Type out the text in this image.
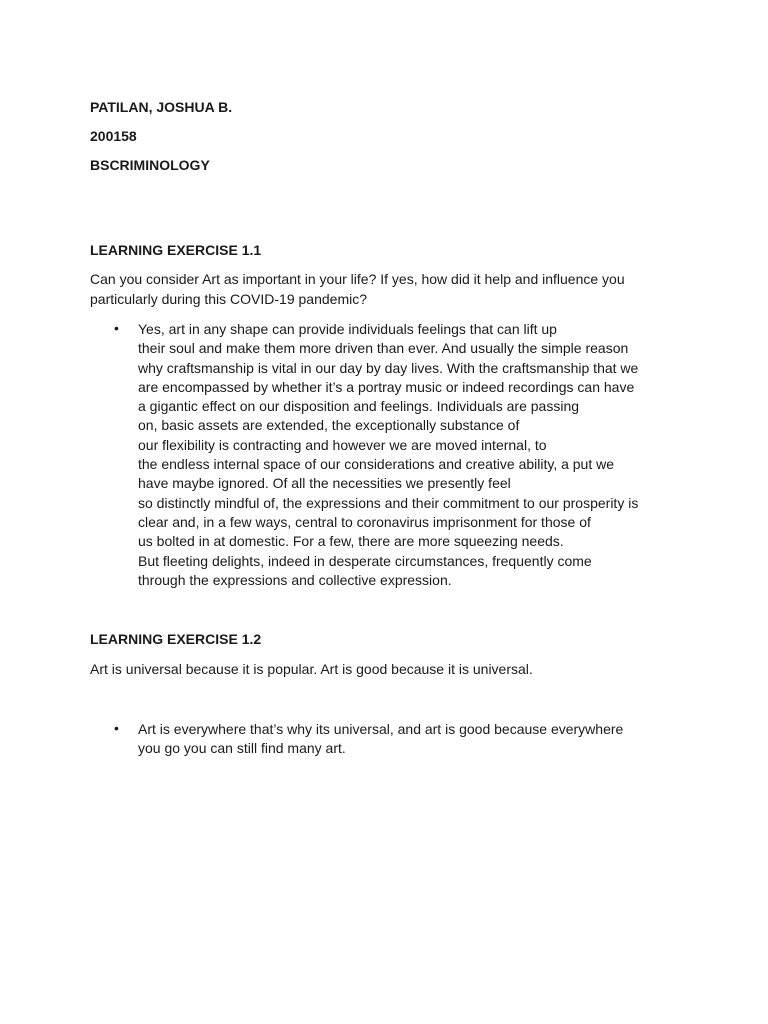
PATILAN, JOSHUA B.
200158
BSCRIMINOLOGY
LEARNING EXERCISE 1.1
Can you consider Art as important in your life? If yes, how did it help and influence you particularly during this COVID-19 pandemic?
•	Yes, art in any shape can provide individuals feelings that can lift up
their soul and make them more driven than ever. And usually the simple reason
why craftsmanship is vital in our day by day lives. With the craftsmanship that we
are encompassed by whether it’s a portray music or indeed recordings can have
a gigantic effect on our disposition and feelings. Individuals are passing
on, basic assets are extended, the exceptionally substance of
our flexibility is contracting and however we are moved internal, to
the endless internal space of our considerations and creative ability, a put we
have maybe ignored. Of all the necessities we presently feel
so distinctly mindful of, the expressions and their commitment to our prosperity is
clear and, in a few ways, central to coronavirus imprisonment for those of
us bolted in at domestic. For a few, there are more squeezing needs.
But fleeting delights, indeed in desperate circumstances, frequently come
through the expressions and collective expression.
LEARNING EXERCISE 1.2
Art is universal because it is popular. Art is good because it is universal.
•	Art is everywhere that’s why its universal, and art is good because everywhere
you go you can still find many art.
